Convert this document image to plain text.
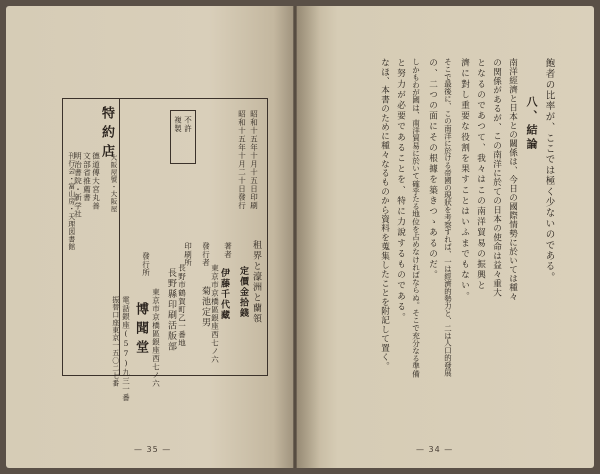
特約店
德道傅大宮丸善
文部省推薦書
明治書院・新学社
刊行会・富山房・天理図書館	大阪屋號・大阪屋
不許
複製	昭和十五年十月十五日印刷
昭和十五年十月二十日發行
租界と濠洲と蘭領
定價金拾錢
著者
東京市京橋區銀座西七ノ六 伊藤千代藏
發行者
菊池定男
印刷所
長野市鶴賀町乙一番地
長野縣印刷活版部
發行所
東京市京橋區銀座西七ノ六
博聞堂
電話銀座(57)九三一番
振替口座東京一五〇二七番
— 35 —
飽者の比率が、ここでは極く少ないのである。
八、結論
南洋經濟と日本との關係は、今日の國際情勢に於いては種々
の関係があるが、この南洋に於ての日本の使命は益々重大
となるのであつて、我々はこの南洋貿易の振興と
濟に對し重要な役割を果すことはいふまでもない。
そこで最後に、この南洋に於ける帝國の現狀を考察すれば、一は經濟的勢力と、二は人口的發展
の、二つの面にその根據を築きつゝあるのだ。
しかもわが國は、南洋貿易に於いて確乎たる地位を占めなければならぬ。そこで充分なる準備
と努力が必要であることを、特に力說するものである。
なほ、本書のために種々なるものから資料を蒐集したことを附記して置く。
— 34 —
